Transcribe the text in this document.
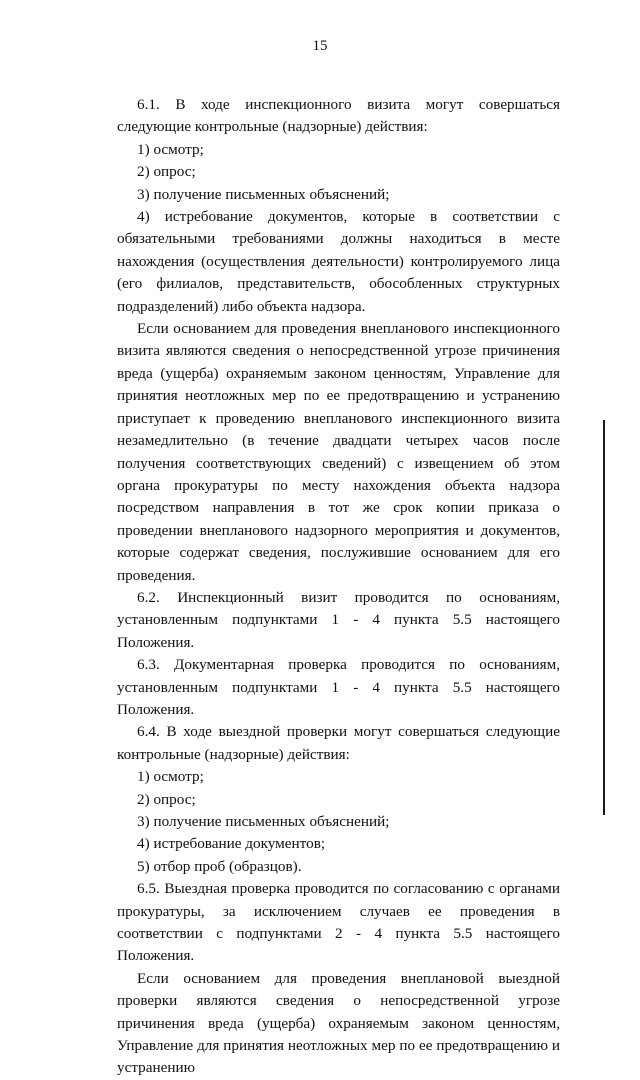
15

6.1. В ходе инспекционного визита могут совершаться следующие контрольные (надзорные) действия:

1) осмотр;

2) опрос;

3) получение письменных объяснений;

4) истребование документов, которые в соответствии с обязательными требованиями должны находиться в месте нахождения (осуществления деятельности) контролируемого лица (его филиалов, представительств, обособленных структурных подразделений) либо объекта надзора.

Если основанием для проведения внепланового инспекционного визита являются сведения о непосредственной угрозе причинения вреда (ущерба) охраняемым законом ценностям, Управление для принятия неотложных мер по ее предотвращению и устранению приступает к проведению внепланового инспекционного визита незамедлительно (в течение двадцати четырех часов после получения соответствующих сведений) с извещением об этом органа прокуратуры по месту нахождения объекта надзора посредством направления в тот же срок копии приказа о проведении внепланового надзорного мероприятия и документов, которые содержат сведения, послужившие основанием для его проведения.

6.2. Инспекционный визит проводится по основаниям, установленным подпунктами 1 - 4 пункта 5.5 настоящего Положения.

6.3. Документарная проверка проводится по основаниям, установленным подпунктами 1 - 4 пункта 5.5 настоящего Положения.

6.4. В ходе выездной проверки могут совершаться следующие контрольные (надзорные) действия:

1) осмотр;

2) опрос;

3) получение письменных объяснений;

4) истребование документов;

5) отбор проб (образцов).

6.5. Выездная проверка проводится по согласованию с органами прокуратуры, за исключением случаев ее проведения в соответствии с подпунктами 2 - 4 пункта 5.5 настоящего Положения.

Если основанием для проведения внеплановой выездной проверки являются сведения о непосредственной угрозе причинения вреда (ущерба) охраняемым законом ценностям, Управление для принятия неотложных мер по ее предотвращению и устранению
